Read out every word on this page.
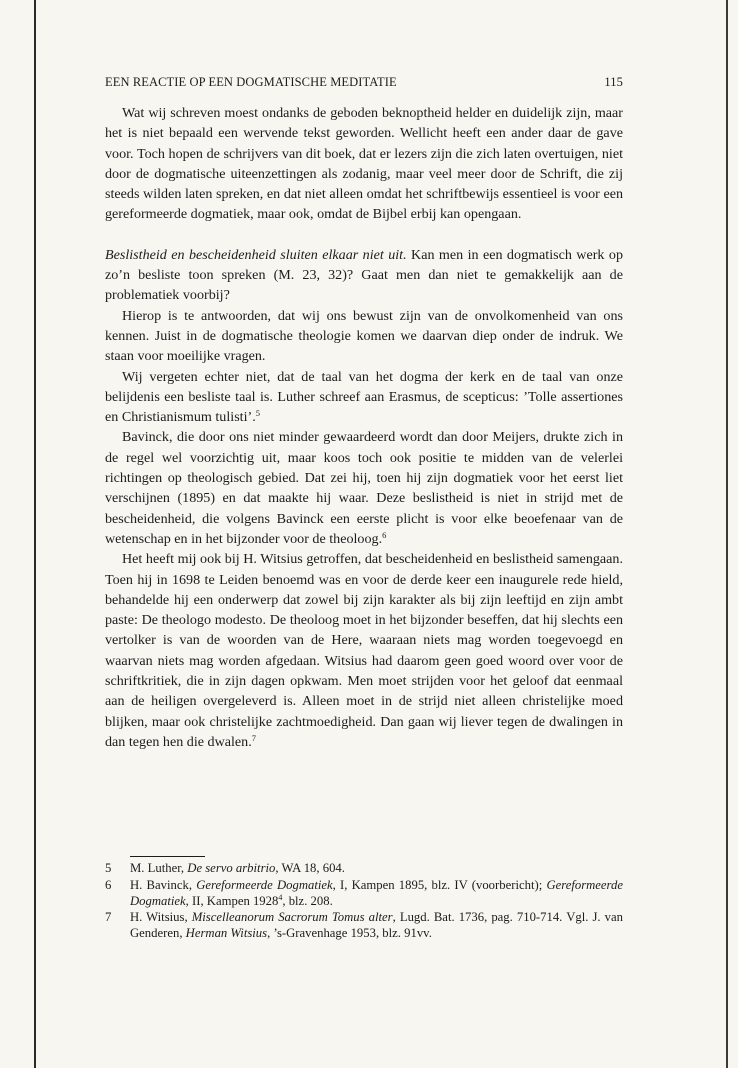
EEN REACTIE OP EEN DOGMATISCHE MEDITATIE	115

Wat wij schreven moest ondanks de geboden beknoptheid helder en duidelijk zijn, maar het is niet bepaald een wervende tekst geworden. Wellicht heeft een ander daar de gave voor. Toch hopen de schrijvers van dit boek, dat er lezers zijn die zich laten overtuigen, niet door de dogmatische uiteenzettingen als zodanig, maar veel meer door de Schrift, die zij steeds wilden laten spreken, en dat niet alleen omdat het schriftbewijs essentieel is voor een gereformeerde dogmatiek, maar ook, omdat de Bijbel erbij kan opengaan.

Beslistheid en bescheidenheid sluiten elkaar niet uit. Kan men in een dogmatisch werk op zo’n besliste toon spreken (M. 23, 32)? Gaat men dan niet te gemakkelijk aan de problematiek voorbij?

Hierop is te antwoorden, dat wij ons bewust zijn van de onvolkomenheid van ons kennen. Juist in de dogmatische theologie komen we daarvan diep onder de indruk. We staan voor moeilijke vragen.

Wij vergeten echter niet, dat de taal van het dogma der kerk en de taal van onze belijdenis een besliste taal is. Luther schreef aan Erasmus, de scepticus: ’Tolle assertiones en Christianismum tulisti’.$^5$

Bavinck, die door ons niet minder gewaardeerd wordt dan door Meijers, drukte zich in de regel wel voorzichtig uit, maar koos toch ook positie te midden van de velerlei richtingen op theologisch gebied. Dat zei hij, toen hij zijn dogmatiek voor het eerst liet verschijnen (1895) en dat maakte hij waar. Deze beslistheid is niet in strijd met de bescheidenheid, die volgens Bavinck een eerste plicht is voor elke beoefenaar van de wetenschap en in het bijzonder voor de theoloog.$^6$

Het heeft mij ook bij H. Witsius getroffen, dat bescheidenheid en beslistheid samengaan. Toen hij in 1698 te Leiden benoemd was en voor de derde keer een inaugurele rede hield, behandelde hij een onderwerp dat zowel bij zijn karakter als bij zijn leeftijd en zijn ambt paste: De theologo modesto. De theoloog moet in het bijzonder beseffen, dat hij slechts een vertolker is van de woorden van de Here, waaraan niets mag worden toegevoegd en waarvan niets mag worden afgedaan. Witsius had daarom geen goed woord over voor de schriftkritiek, die in zijn dagen opkwam. Men moet strijden voor het geloof dat eenmaal aan de heiligen overgeleverd is. Alleen moet in de strijd niet alleen christelijke moed blijken, maar ook christelijke zachtmoedigheid. Dan gaan wij liever tegen de dwalingen in dan tegen hen die dwalen.$^7$

5	M. Luther, De servo arbitrio, WA 18, 604.
6	H. Bavinck, Gereformeerde Dogmatiek, I, Kampen 1895, blz. IV (voorbericht); Gereformeerde Dogmatiek, II, Kampen 1928$^4$, blz. 208.
7	H. Witsius, Miscelleanorum Sacrorum Tomus alter, Lugd. Bat. 1736, pag. 710-714. Vgl. J. van Genderen, Herman Witsius, ’s-Gravenhage 1953, blz. 91vv.
